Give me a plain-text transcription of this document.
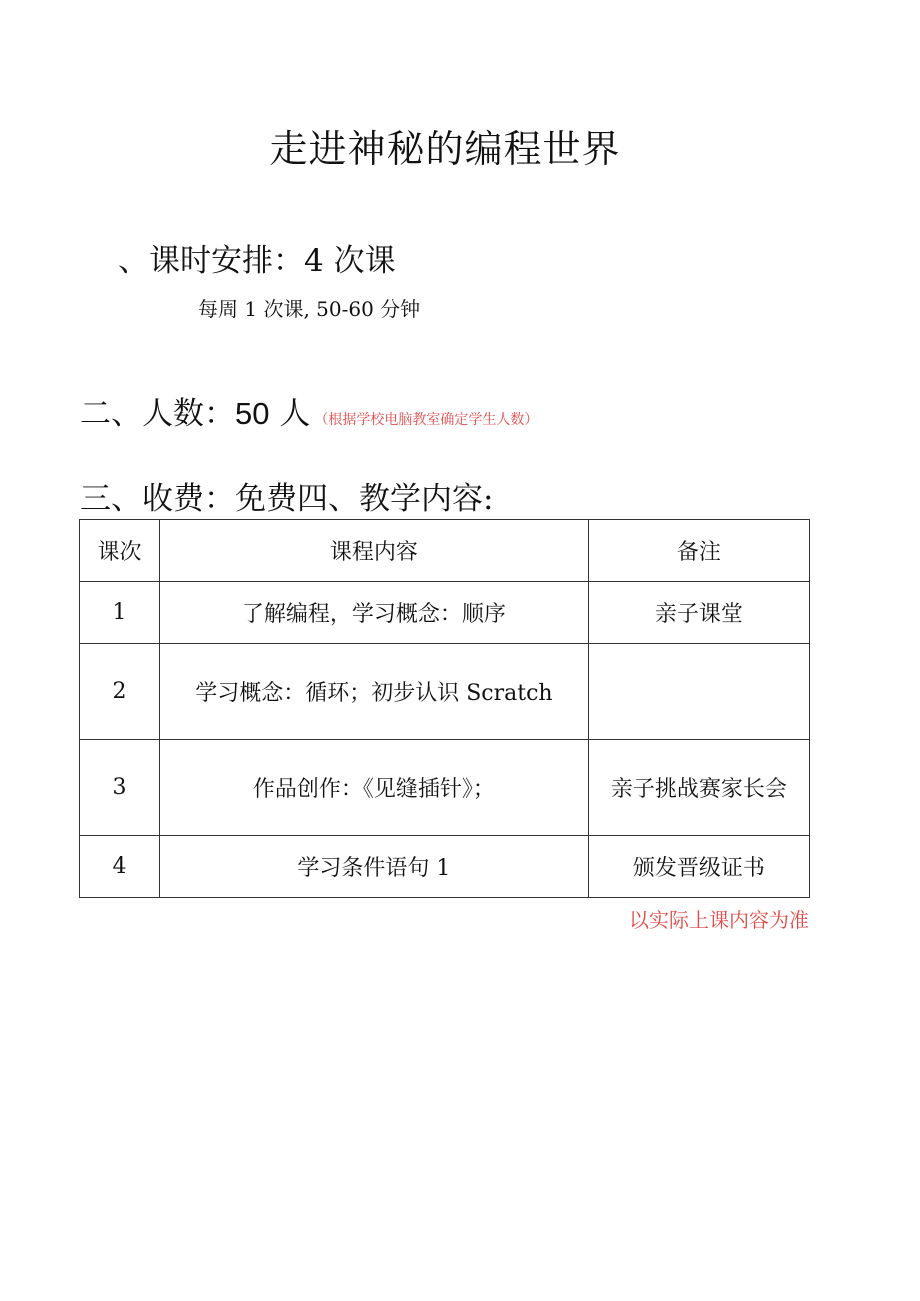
走进神秘的编程世界
、课时安排：4 次课
每周 1 次课, 50-60 分钟
二、人数：50 人 （根据学校电脑教室确定学生人数）
三、收费：免费四、教学内容:
课次	课程内容	备注
1	了解编程，学习概念：顺序	亲子课堂
2	学习概念：循环；初步认识 Scratch	
3	作品创作：《见缝插针》；	亲子挑战赛家长会
4	学习条件语句 1	颁发晋级证书
以实际上课内容为准
